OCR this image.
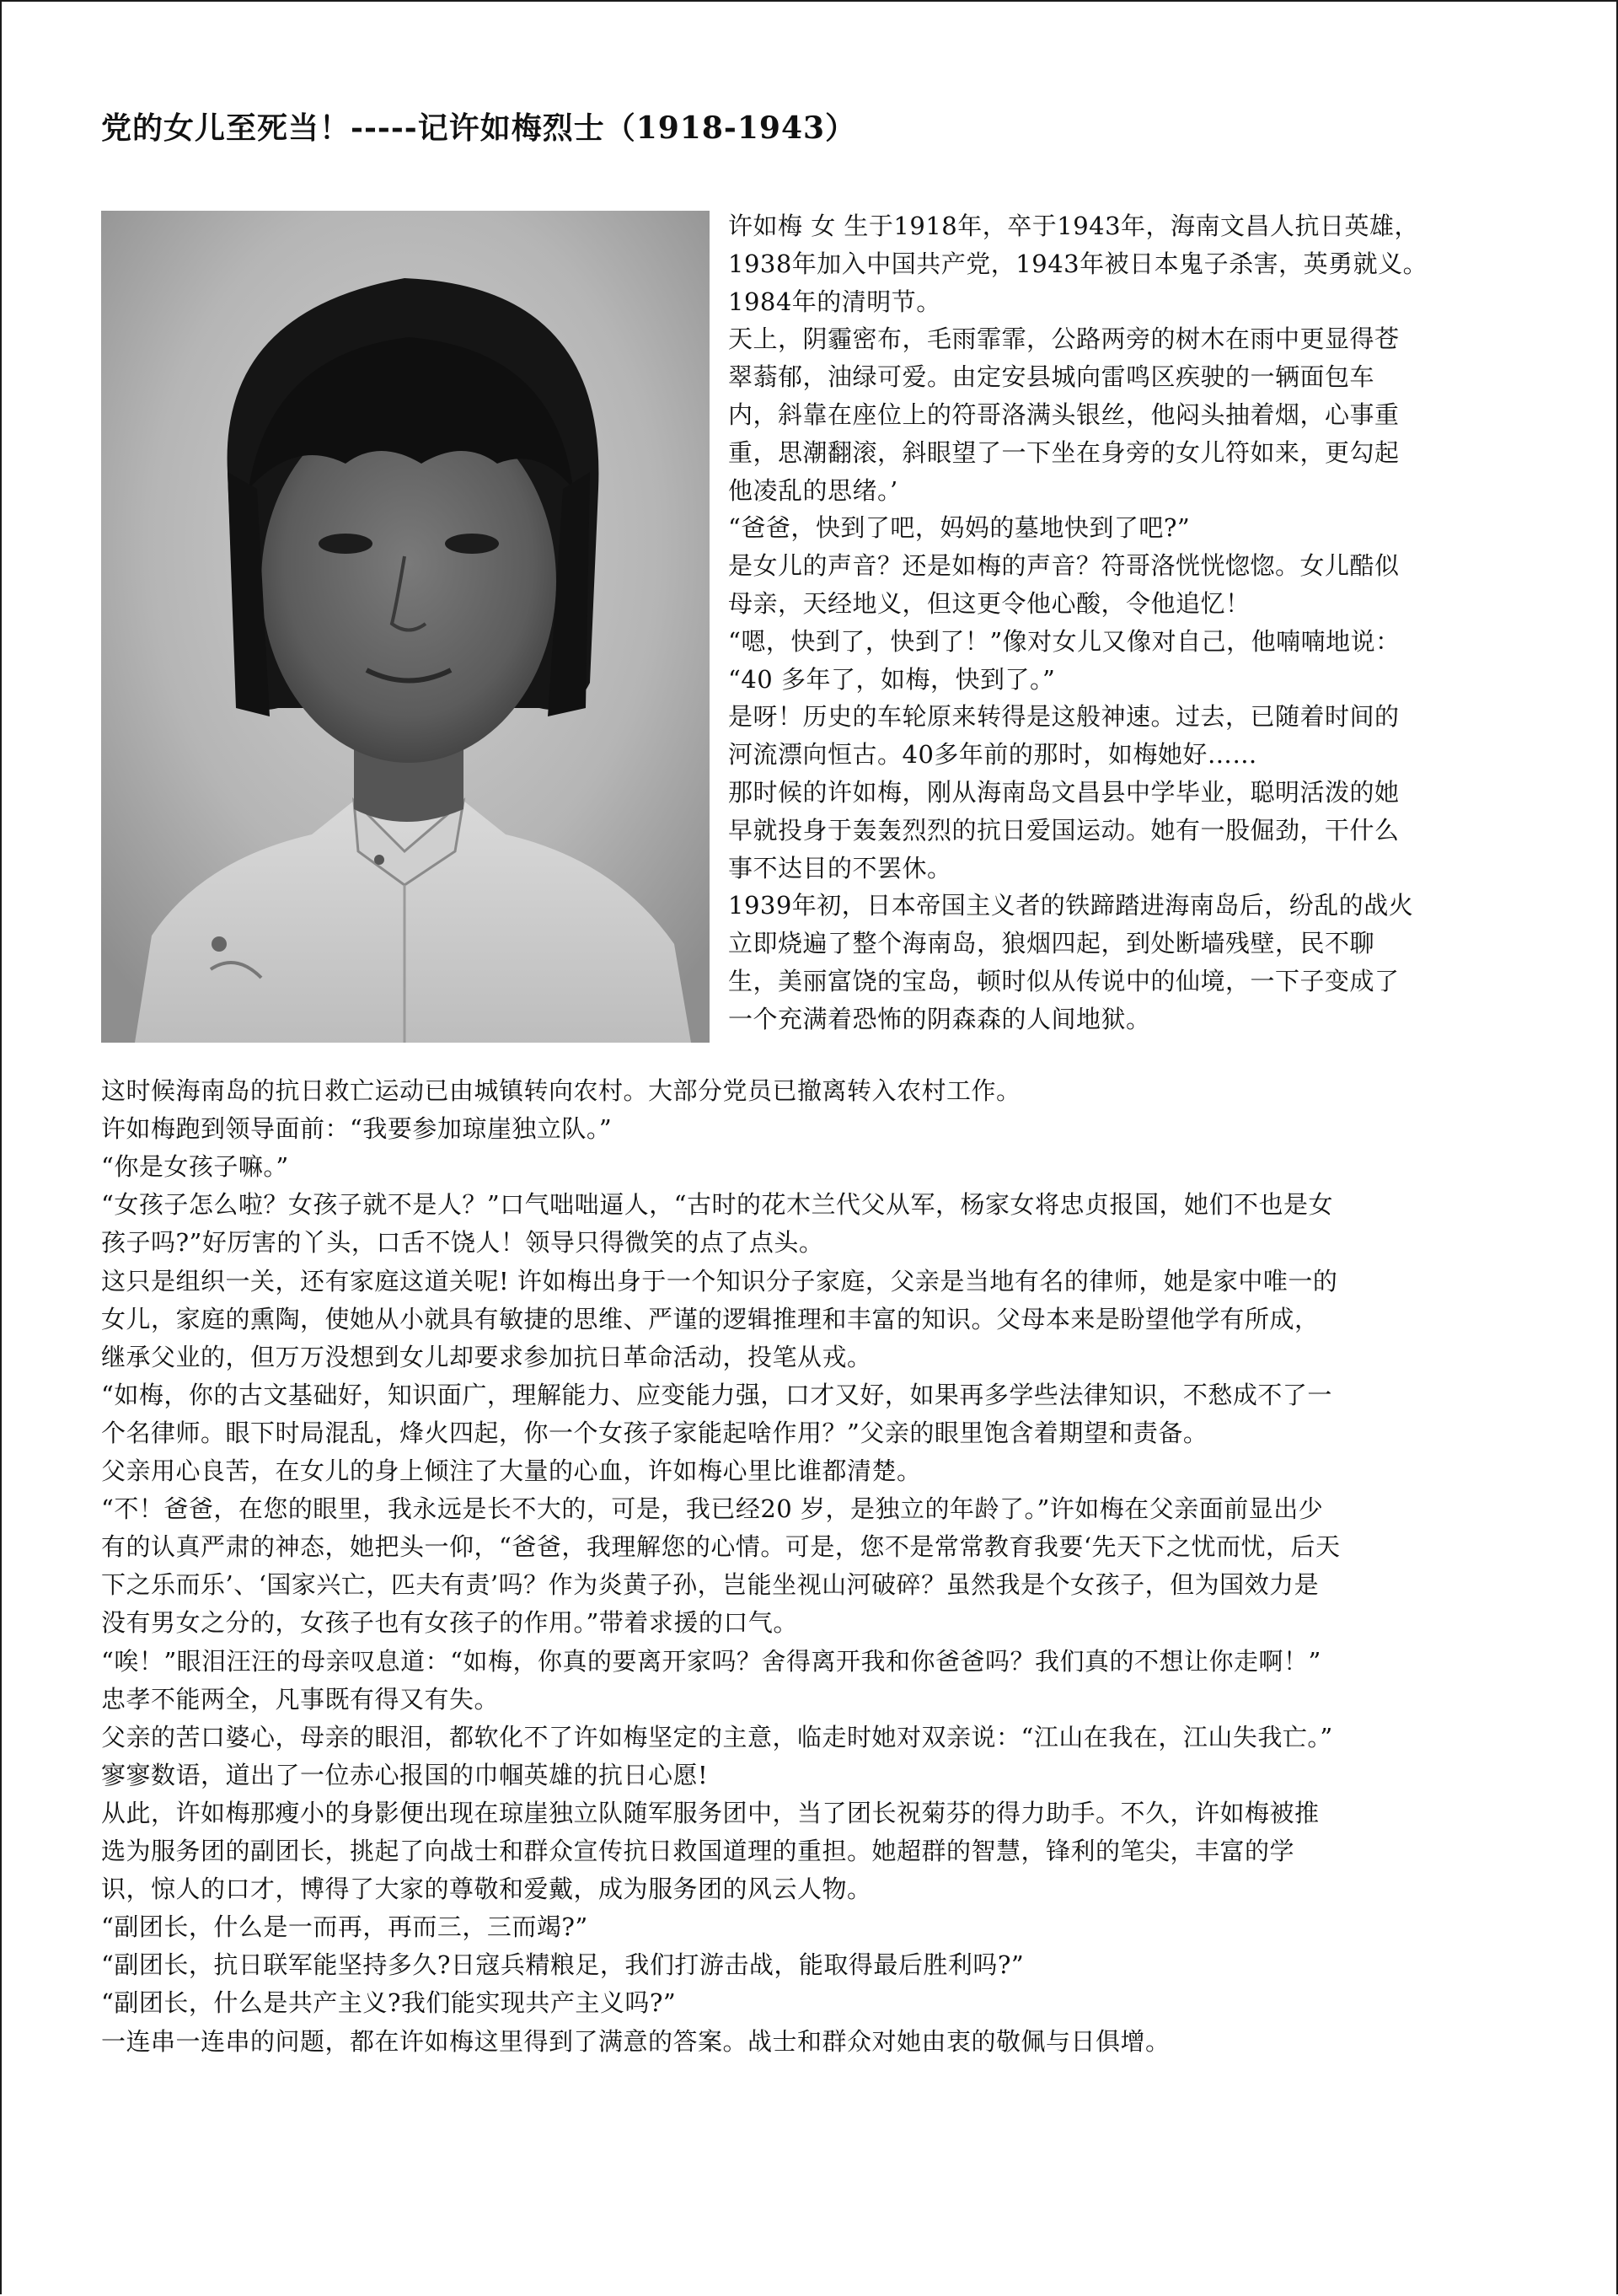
党的女儿至死当！-----记许如梅烈士（1918-1943）
许如梅 女 生于1918年，卒于1943年，海南文昌人抗日英雄，
1938年加入中国共产党，1943年被日本鬼子杀害，英勇就义。
1984年的清明节。
天上，阴霾密布，毛雨霏霏，公路两旁的树木在雨中更显得苍
翠蓊郁，油绿可爱。由定安县城向雷鸣区疾驶的一辆面包车
内，斜靠在座位上的符哥洛满头银丝，他闷头抽着烟，心事重
重，思潮翻滚，斜眼望了一下坐在身旁的女儿符如来，更勾起
他凌乱的思绪。’
“爸爸，快到了吧，妈妈的墓地快到了吧?”
是女儿的声音？还是如梅的声音？符哥洛恍恍惚惚。女儿酷似
母亲，天经地义，但这更令他心酸，令他追忆！
“嗯，快到了，快到了！”像对女儿又像对自己，他喃喃地说：
“40 多年了，如梅，快到了。”
是呀！历史的车轮原来转得是这般神速。过去，已随着时间的
河流漂向恒古。40多年前的那时，如梅她好……
那时候的许如梅，刚从海南岛文昌县中学毕业，聪明活泼的她
早就投身于轰轰烈烈的抗日爱国运动。她有一股倔劲，干什么
事不达目的不罢休。
1939年初，日本帝国主义者的铁蹄踏进海南岛后，纷乱的战火
立即烧遍了整个海南岛，狼烟四起，到处断墙残壁，民不聊
生，美丽富饶的宝岛，顿时似从传说中的仙境，一下子变成了
一个充满着恐怖的阴森森的人间地狱。
这时候海南岛的抗日救亡运动已由城镇转向农村。大部分党员已撤离转入农村工作。
许如梅跑到领导面前：“我要参加琼崖独立队。”
“你是女孩子嘛。”
“女孩子怎么啦？女孩子就不是人？”口气咄咄逼人，“古时的花木兰代父从军，杨家女将忠贞报国，她们不也是女
孩子吗?”好厉害的丫头，口舌不饶人！领导只得微笑的点了点头。
这只是组织一关，还有家庭这道关呢! 许如梅出身于一个知识分子家庭，父亲是当地有名的律师，她是家中唯一的
女儿，家庭的熏陶，使她从小就具有敏捷的思维、严谨的逻辑推理和丰富的知识。父母本来是盼望他学有所成，
继承父业的，但万万没想到女儿却要求参加抗日革命活动，投笔从戎。
“如梅，你的古文基础好，知识面广，理解能力、应变能力强，口才又好，如果再多学些法律知识，不愁成不了一
个名律师。眼下时局混乱，烽火四起，你一个女孩子家能起啥作用？”父亲的眼里饱含着期望和责备。
父亲用心良苦，在女儿的身上倾注了大量的心血，许如梅心里比谁都清楚。
“不！爸爸，在您的眼里，我永远是长不大的，可是，我已经20 岁，是独立的年龄了。”许如梅在父亲面前显出少
有的认真严肃的神态，她把头一仰，“爸爸，我理解您的心情。可是，您不是常常教育我要‘先天下之忧而忧，后天
下之乐而乐’、‘国家兴亡，匹夫有责’吗？作为炎黄子孙，岂能坐视山河破碎？虽然我是个女孩子，但为国效力是
没有男女之分的，女孩子也有女孩子的作用。”带着求援的口气。
“唉！”眼泪汪汪的母亲叹息道：“如梅，你真的要离开家吗？舍得离开我和你爸爸吗？我们真的不想让你走啊！”
忠孝不能两全，凡事既有得又有失。
父亲的苦口婆心，母亲的眼泪，都软化不了许如梅坚定的主意，临走时她对双亲说：“江山在我在，江山失我亡。”
寥寥数语，道出了一位赤心报国的巾帼英雄的抗日心愿!
从此，许如梅那瘦小的身影便出现在琼崖独立队随军服务团中，当了团长祝菊芬的得力助手。不久，许如梅被推
选为服务团的副团长，挑起了向战士和群众宣传抗日救国道理的重担。她超群的智慧，锋利的笔尖，丰富的学
识，惊人的口才，博得了大家的尊敬和爱戴，成为服务团的风云人物。
“副团长，什么是一而再，再而三，三而竭?”
“副团长，抗日联军能坚持多久?日寇兵精粮足，我们打游击战，能取得最后胜利吗?”
“副团长，什么是共产主义?我们能实现共产主义吗?”
一连串一连串的问题，都在许如梅这里得到了满意的答案。战士和群众对她由衷的敬佩与日俱增。
